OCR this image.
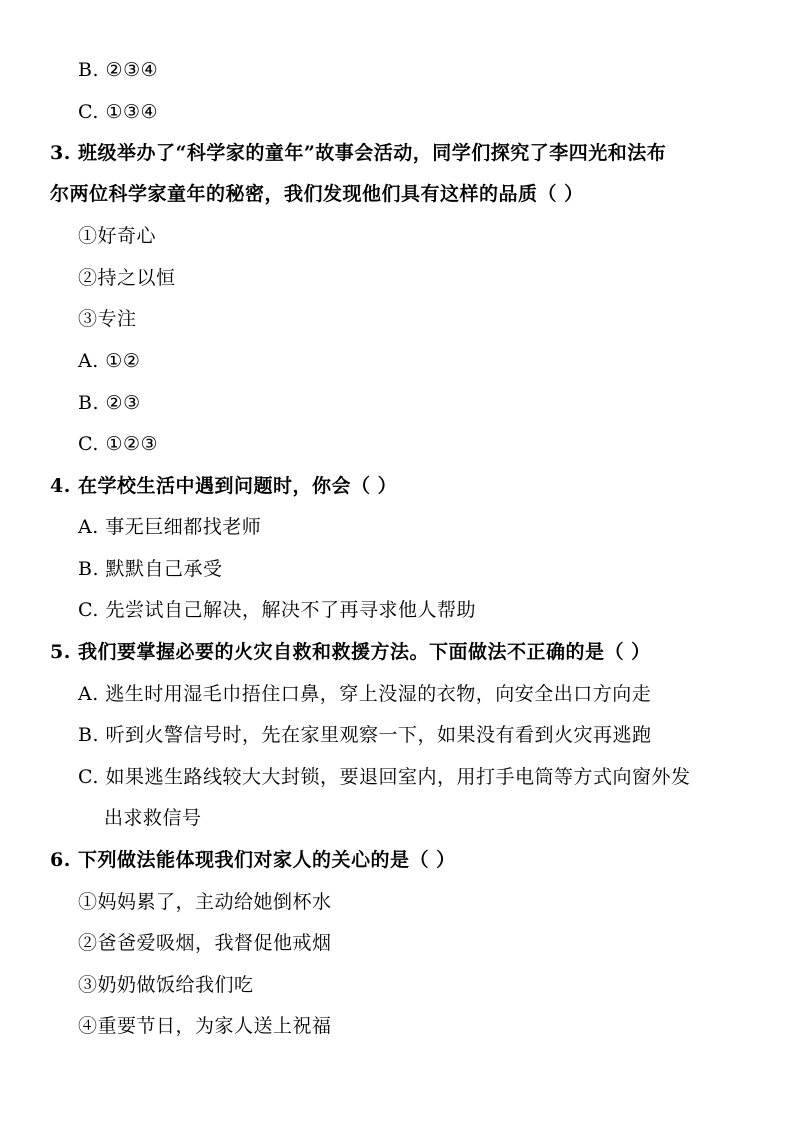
B. ②③④
C. ①③④
3. 班级举办了“科学家的童年”故事会活动，同学们探究了李四光和法布
尔两位科学家童年的秘密，我们发现他们具有这样的品质（ ）
①好奇心
②持之以恒
③专注
A. ①②
B. ②③
C. ①②③
4. 在学校生活中遇到问题时，你会（ ）
A. 事无巨细都找老师
B. 默默自己承受
C. 先尝试自己解决，解决不了再寻求他人帮助
5. 我们要掌握必要的火灾自救和救援方法。下面做法不正确的是（ ）
A. 逃生时用湿毛巾捂住口鼻，穿上没湿的衣物，向安全出口方向走
B. 听到火警信号时，先在家里观察一下，如果没有看到火灾再逃跑
C. 如果逃生路线较大大封锁，要退回室内，用打手电筒等方式向窗外发
出求救信号
6. 下列做法能体现我们对家人的关心的是（ ）
①妈妈累了，主动给她倒杯水
②爸爸爱吸烟，我督促他戒烟
③奶奶做饭给我们吃
④重要节日，为家人送上祝福
